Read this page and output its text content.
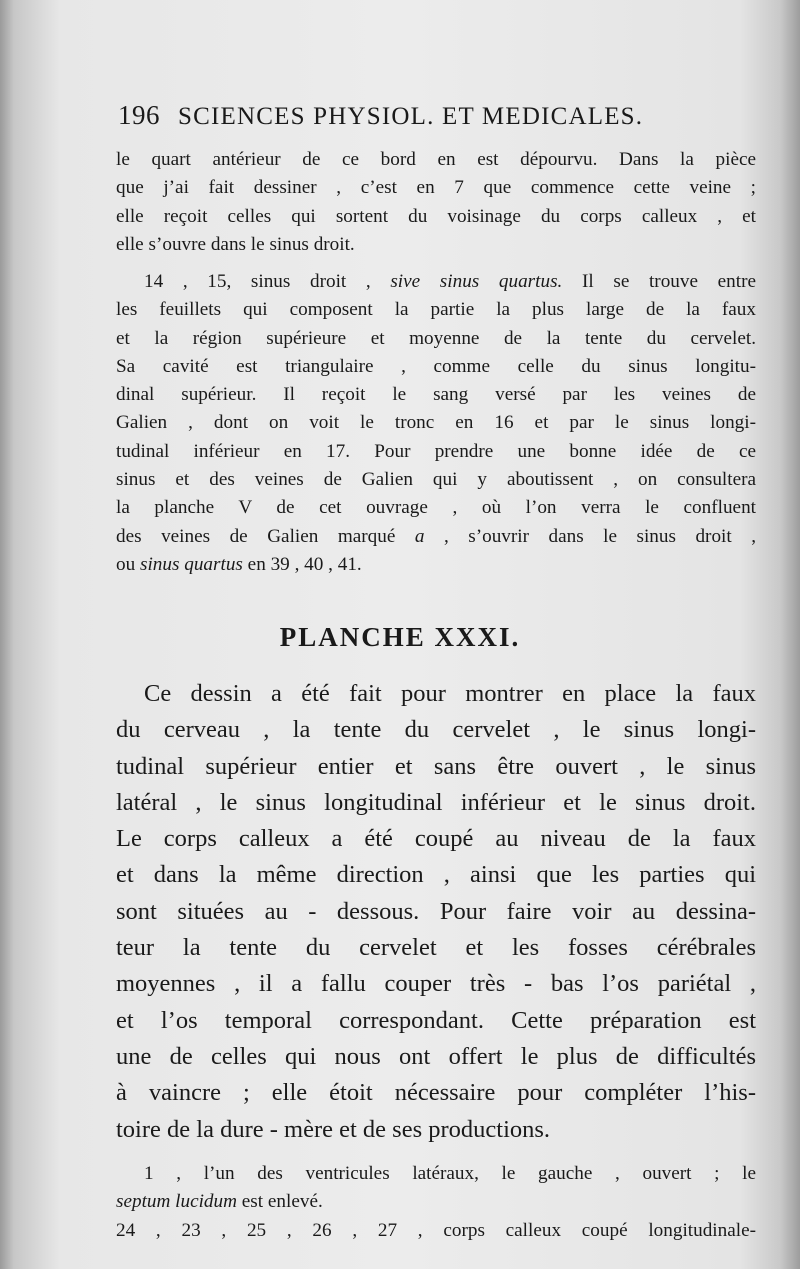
196 SCIENCES PHYSIOL. ET MEDICALES.

le quart antérieur de ce bord en est dépourvu. Dans la pièce
que j’ai fait dessiner , c’est en 7 que commence cette veine ;
elle reçoit celles qui sortent du voisinage du corps calleux , et
elle s’ouvre dans le sinus droit.

14 , 15, sinus droit , sive sinus quartus. Il se trouve entre
les feuillets qui composent la partie la plus large de la faux
et la région supérieure et moyenne de la tente du cervelet.
Sa cavité est triangulaire , comme celle du sinus longitu-
dinal supérieur. Il reçoit le sang versé par les veines de
Galien , dont on voit le tronc en 16 et par le sinus longi-
tudinal inférieur en 17. Pour prendre une bonne idée de ce
sinus et des veines de Galien qui y aboutissent , on consultera
la planche V de cet ouvrage , où l’on verra le confluent
des veines de Galien marqué a , s’ouvrir dans le sinus droit ,
ou sinus quartus en 39 , 40 , 41.

PLANCHE XXXI.

Ce dessin a été fait pour montrer en place la faux
du cerveau , la tente du cervelet , le sinus longi-
tudinal supérieur entier et sans être ouvert , le sinus
latéral , le sinus longitudinal inférieur et le sinus droit.
Le corps calleux a été coupé au niveau de la faux
et dans la même direction , ainsi que les parties qui
sont situées au - dessous. Pour faire voir au dessina-
teur la tente du cervelet et les fosses cérébrales
moyennes , il a fallu couper très - bas l’os pariétal ,
et l’os temporal correspondant. Cette préparation est
une de celles qui nous ont offert le plus de difficultés
à vaincre ; elle étoit nécessaire pour compléter l’his-
toire de la dure - mère et de ses productions.

1 , l’un des ventricules latéraux, le gauche , ouvert ; le
septum lucidum est enlevé.
24 , 23 , 25 , 26 , 27 , corps calleux coupé longitudinale-
